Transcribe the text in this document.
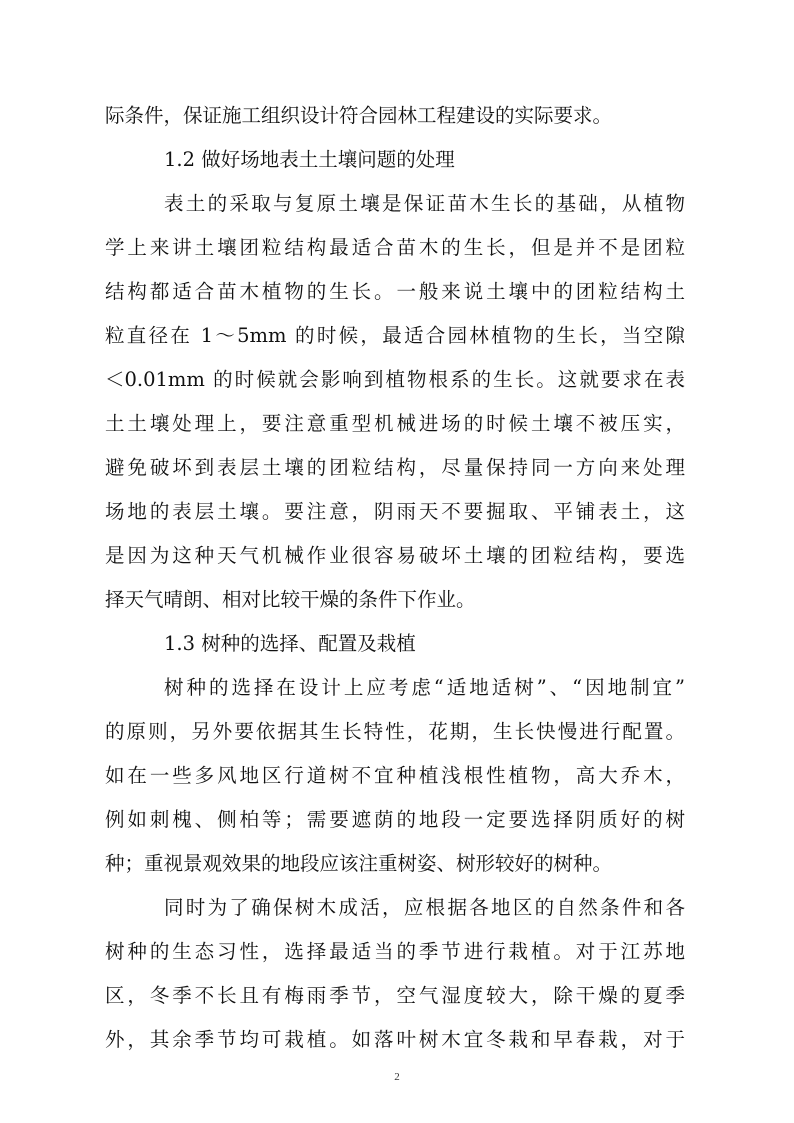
际条件，保证施工组织设计符合园林工程建设的实际要求。
1.2 做好场地表土土壤问题的处理
表土的采取与复原土壤是保证苗木生长的基础，从植物
学上来讲土壤团粒结构最适合苗木的生长，但是并不是团粒
结构都适合苗木植物的生长。一般来说土壤中的团粒结构土
粒直径在 1～5mm 的时候，最适合园林植物的生长，当空隙
＜0.01mm 的时候就会影响到植物根系的生长。这就要求在表
土土壤处理上，要注意重型机械进场的时候土壤不被压实，
避免破坏到表层土壤的团粒结构，尽量保持同一方向来处理
场地的表层土壤。要注意，阴雨天不要掘取、平铺表土，这
是因为这种天气机械作业很容易破坏土壤的团粒结构，要选
择天气晴朗、相对比较干燥的条件下作业。
1.3 树种的选择、配置及栽植
树种的选择在设计上应考虑“适地适树”、“因地制宜”
的原则，另外要依据其生长特性，花期，生长快慢进行配置。
如在一些多风地区行道树不宜种植浅根性植物，高大乔木，
例如刺槐、侧柏等；需要遮荫的地段一定要选择阴质好的树
种；重视景观效果的地段应该注重树姿、树形较好的树种。
同时为了确保树木成活，应根据各地区的自然条件和各
树种的生态习性，选择最适当的季节进行栽植。对于江苏地
区，冬季不长且有梅雨季节，空气湿度较大，除干燥的夏季
外，其余季节均可栽植。如落叶树木宜冬栽和早春栽，对于
2
